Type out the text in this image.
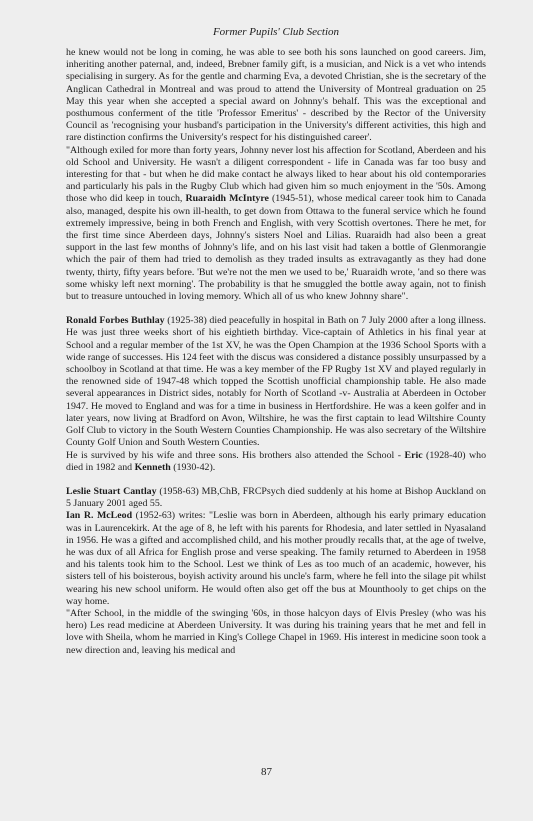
Former Pupils' Club Section

he knew would not be long in coming, he was able to see both his sons launched on good careers. Jim, inheriting another paternal, and, indeed, Brebner family gift, is a musician, and Nick is a vet who intends specialising in surgery. As for the gentle and charming Eva, a devoted Christian, she is the secretary of the Anglican Cathedral in Montreal and was proud to attend the University of Montreal graduation on 25 May this year when she accepted a special award on Johnny's behalf. This was the exceptional and posthumous conferment of the title 'Professor Emeritus' - described by the Rector of the University Council as 'recognising your husband's participation in the University's different activities, this high and rare distinction confirms the University's respect for his distinguished career'.

"Although exiled for more than forty years, Johnny never lost his affection for Scotland, Aberdeen and his old School and University. He wasn't a diligent correspondent - life in Canada was far too busy and interesting for that - but when he did make contact he always liked to hear about his old contemporaries and particularly his pals in the Rugby Club which had given him so much enjoyment in the '50s. Among those who did keep in touch, Ruaraidh McIntyre (1945-51), whose medical career took him to Canada also, managed, despite his own ill-health, to get down from Ottawa to the funeral service which he found extremely impressive, being in both French and English, with very Scottish overtones. There he met, for the first time since Aberdeen days, Johnny's sisters Noel and Lilias. Ruaraidh had also been a great support in the last few months of Johnny's life, and on his last visit had taken a bottle of Glenmorangie which the pair of them had tried to demolish as they traded insults as extravagantly as they had done twenty, thirty, fifty years before. 'But we're not the men we used to be,' Ruaraidh wrote, 'and so there was some whisky left next morning'. The probability is that he smuggled the bottle away again, not to finish but to treasure untouched in loving memory. Which all of us who knew Johnny share".

Ronald Forbes Buthlay (1925-38) died peacefully in hospital in Bath on 7 July 2000 after a long illness. He was just three weeks short of his eightieth birthday. Vice-captain of Athletics in his final year at School and a regular member of the 1st XV, he was the Open Champion at the 1936 School Sports with a wide range of successes. His 124 feet with the discus was considered a distance possibly unsurpassed by a schoolboy in Scotland at that time. He was a key member of the FP Rugby 1st XV and played regularly in the renowned side of 1947-48 which topped the Scottish unofficial championship table. He also made several appearances in District sides, notably for North of Scotland -v- Australia at Aberdeen in October 1947. He moved to England and was for a time in business in Hertfordshire. He was a keen golfer and in later years, now living at Bradford on Avon, Wiltshire, he was the first captain to lead Wiltshire County Golf Club to victory in the South Western Counties Championship. He was also secretary of the Wiltshire County Golf Union and South Western Counties.

He is survived by his wife and three sons. His brothers also attended the School - Eric (1928-40) who died in 1982 and Kenneth (1930-42).

Leslie Stuart Cantlay (1958-63) MB,ChB, FRCPsych died suddenly at his home at Bishop Auckland on 5 January 2001 aged 55.

Ian R. McLeod (1952-63) writes: "Leslie was born in Aberdeen, although his early primary education was in Laurencekirk. At the age of 8, he left with his parents for Rhodesia, and later settled in Nyasaland in 1956. He was a gifted and accomplished child, and his mother proudly recalls that, at the age of twelve, he was dux of all Africa for English prose and verse speaking. The family returned to Aberdeen in 1958 and his talents took him to the School. Lest we think of Les as too much of an academic, however, his sisters tell of his boisterous, boyish activity around his uncle's farm, where he fell into the silage pit whilst wearing his new school uniform. He would often also get off the bus at Mounthooly to get chips on the way home.

"After School, in the middle of the swinging '60s, in those halcyon days of Elvis Presley (who was his hero) Les read medicine at Aberdeen University. It was during his training years that he met and fell in love with Sheila, whom he married in King's College Chapel in 1969. His interest in medicine soon took a new direction and, leaving his medical and

87
